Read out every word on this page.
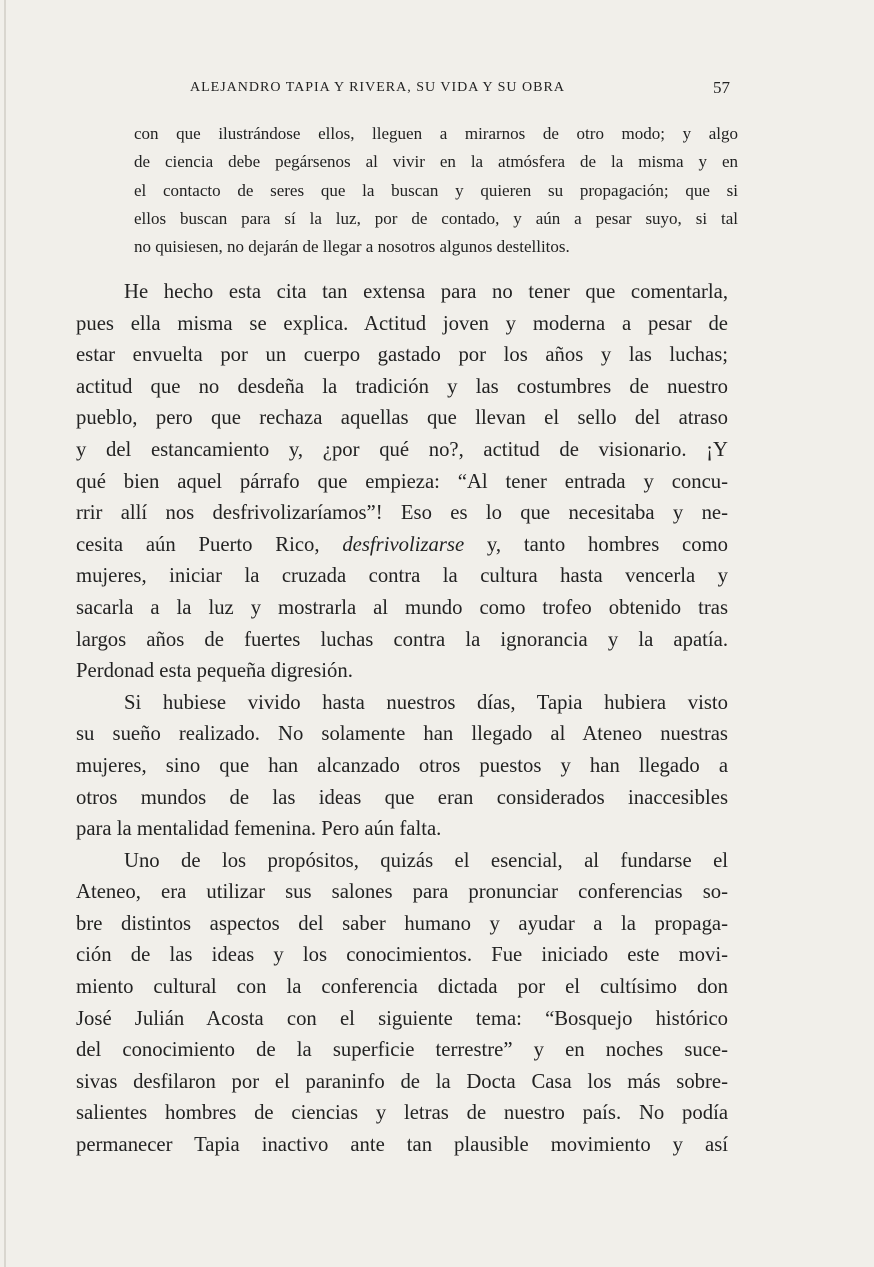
ALEJANDRO TAPIA Y RIVERA, SU VIDA Y SU OBRA	57
con que ilustrándose ellos, lleguen a mirarnos de otro modo; y algo
de ciencia debe pegársenos al vivir en la atmósfera de la misma y en
el contacto de seres que la buscan y quieren su propagación; que si
ellos buscan para sí la luz, por de contado, y aún a pesar suyo, si tal
no quisiesen, no dejarán de llegar a nosotros algunos destellitos.
He hecho esta cita tan extensa para no tener que comentarla,
pues ella misma se explica. Actitud joven y moderna a pesar de
estar envuelta por un cuerpo gastado por los años y las luchas;
actitud que no desdeña la tradición y las costumbres de nuestro
pueblo, pero que rechaza aquellas que llevan el sello del atraso
y del estancamiento y, ¿por qué no?, actitud de visionario. ¡Y
qué bien aquel párrafo que empieza: “Al tener entrada y concu-
rrir allí nos desfrivolizaríamos”! Eso es lo que necesitaba y ne-
cesita aún Puerto Rico, desfrivolizarse y, tanto hombres como
mujeres, iniciar la cruzada contra la cultura hasta vencerla y
sacarla a la luz y mostrarla al mundo como trofeo obtenido tras
largos años de fuertes luchas contra la ignorancia y la apatía.
Perdonad esta pequeña digresión.
Si hubiese vivido hasta nuestros días, Tapia hubiera visto
su sueño realizado. No solamente han llegado al Ateneo nuestras
mujeres, sino que han alcanzado otros puestos y han llegado a
otros mundos de las ideas que eran considerados inaccesibles
para la mentalidad femenina. Pero aún falta.
Uno de los propósitos, quizás el esencial, al fundarse el
Ateneo, era utilizar sus salones para pronunciar conferencias so-
bre distintos aspectos del saber humano y ayudar a la propaga-
ción de las ideas y los conocimientos. Fue iniciado este movi-
miento cultural con la conferencia dictada por el cultísimo don
José Julián Acosta con el siguiente tema: “Bosquejo histórico
del conocimiento de la superficie terrestre” y en noches suce-
sivas desfilaron por el paraninfo de la Docta Casa los más sobre-
salientes hombres de ciencias y letras de nuestro país. No podía
permanecer Tapia inactivo ante tan plausible movimiento y así
